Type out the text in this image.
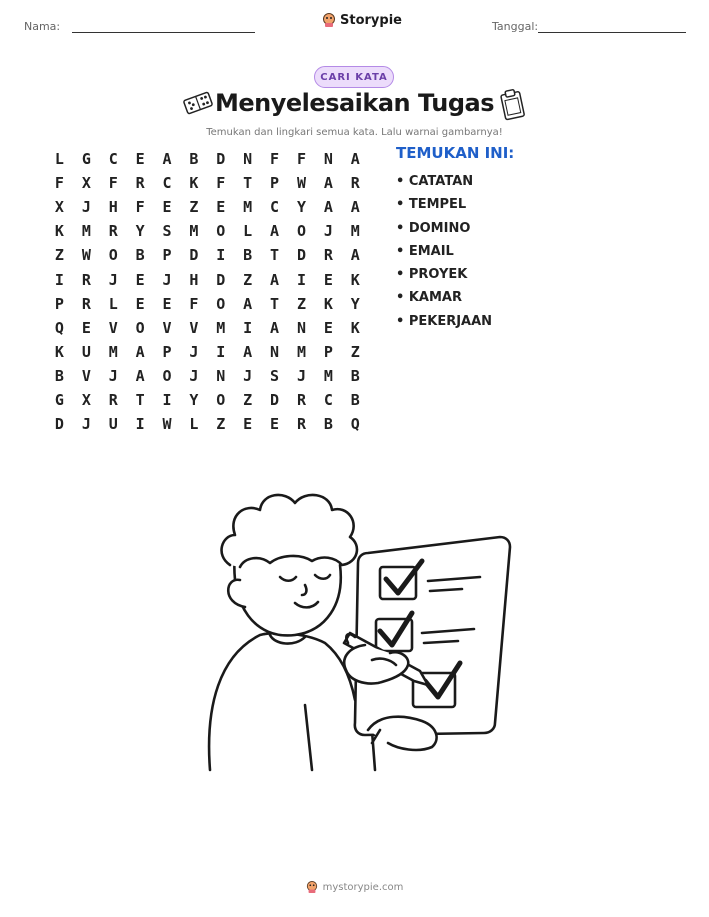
Nama:	Storypie	Tanggal:
CARI KATA
Menyelesaikan Tugas
Temukan dan lingkari semua kata. Lalu warnai gambarnya!
L	G	C	E	A	B	D	N	F	F	N	A
F	X	F	R	C	K	F	T	P	W	A	R
X	J	H	F	E	Z	E	M	C	Y	A	A
K	M	R	Y	S	M	O	L	A	O	J	M
Z	W	O	B	P	D	I	B	T	D	R	A
I	R	J	E	J	H	D	Z	A	I	E	K
P	R	L	E	E	F	O	A	T	Z	K	Y
Q	E	V	O	V	V	M	I	A	N	E	K
K	U	M	A	P	J	I	A	N	M	P	Z
B	V	J	A	O	J	N	J	S	J	M	B
G	X	R	T	I	Y	O	Z	D	R	C	B
D	J	U	I	W	L	Z	E	E	R	B	Q
TEMUKAN INI:
• CATATAN
• TEMPEL
• DOMINO
• EMAIL
• PROYEK
• KAMAR
• PEKERJAAN
mystorypie.com
